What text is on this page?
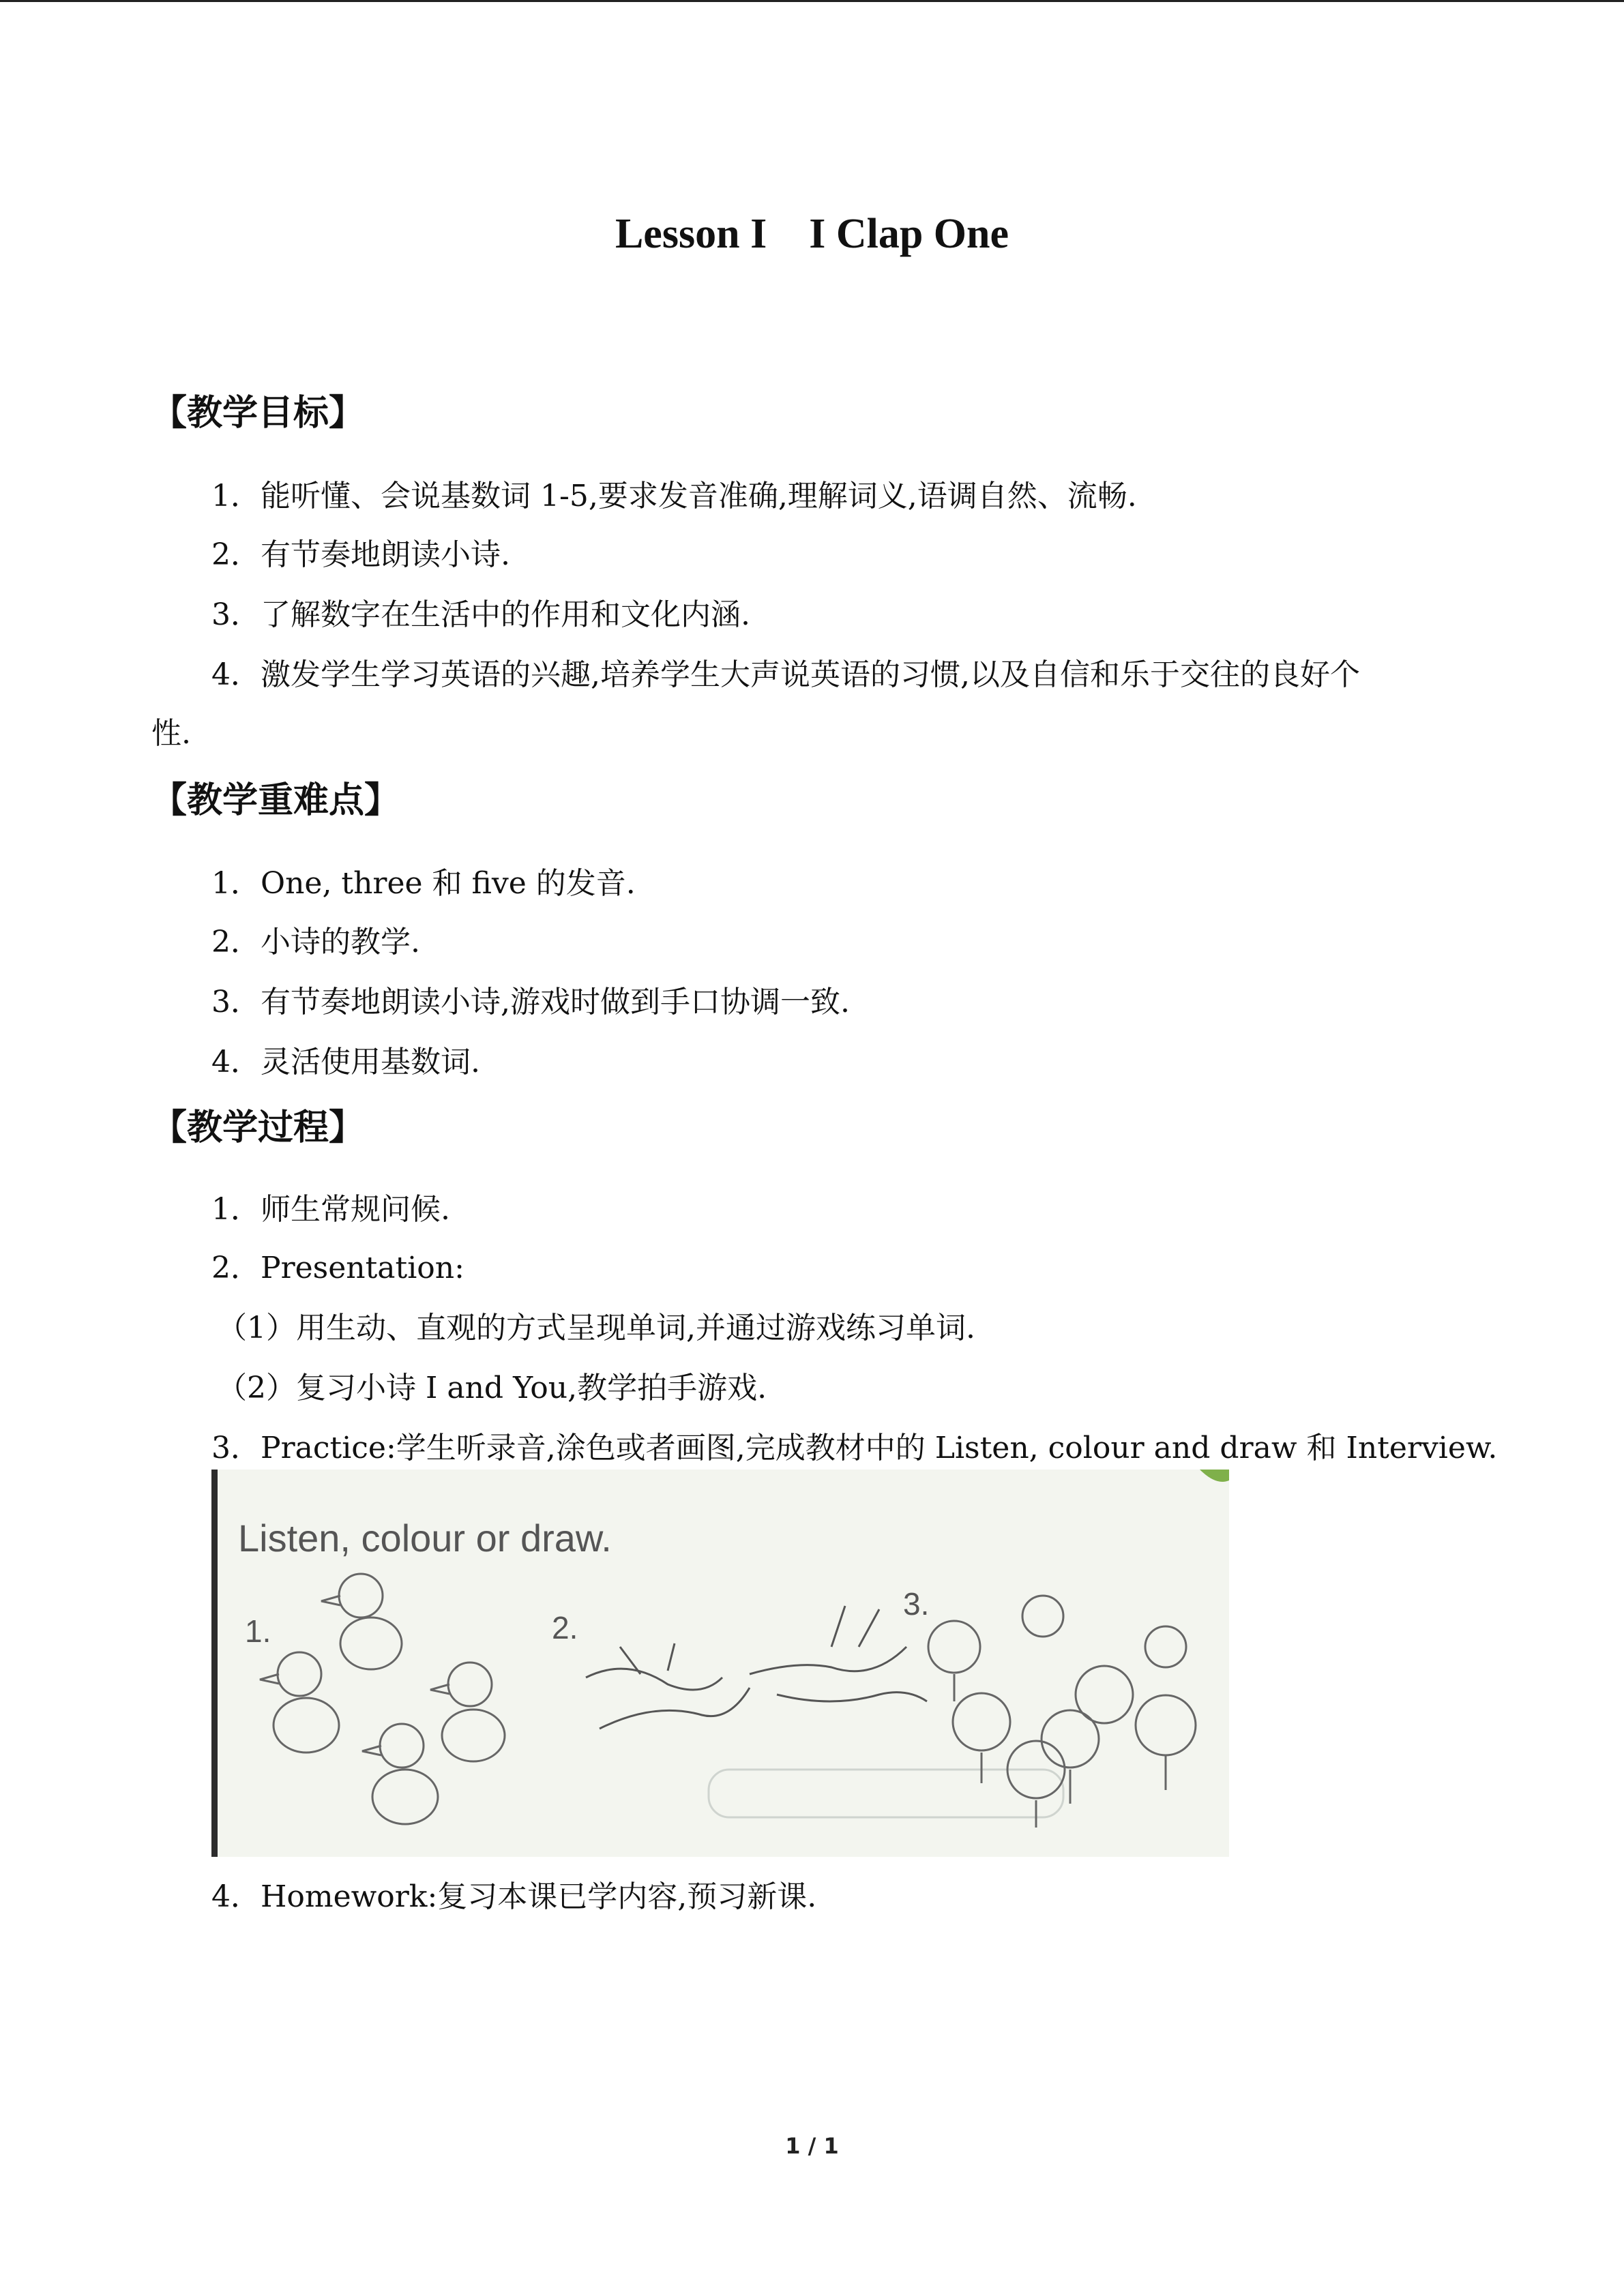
Lesson I    I Clap One
【教学目标】
1．能听懂、会说基数词 1-5,要求发音准确,理解词义,语调自然、流畅.
2．有节奏地朗读小诗.
3．了解数字在生活中的作用和文化内涵.
4．激发学生学习英语的兴趣,培养学生大声说英语的习惯,以及自信和乐于交往的良好个
性.
【教学重难点】
1．One, three 和 five 的发音.
2．小诗的教学.
3．有节奏地朗读小诗,游戏时做到手口协调一致.
4．灵活使用基数词.
【教学过程】
1．师生常规问候.
2．Presentation:
（1）用生动、直观的方式呈现单词,并通过游戏练习单词.
（2）复习小诗 I and You,教学拍手游戏.
3．Practice:学生听录音,涂色或者画图,完成教材中的 Listen, colour and draw 和 Interview.
Listen, colour or draw.
1.	2.
3.
4．Homework:复习本课已学内容,预习新课.
1 / 1
